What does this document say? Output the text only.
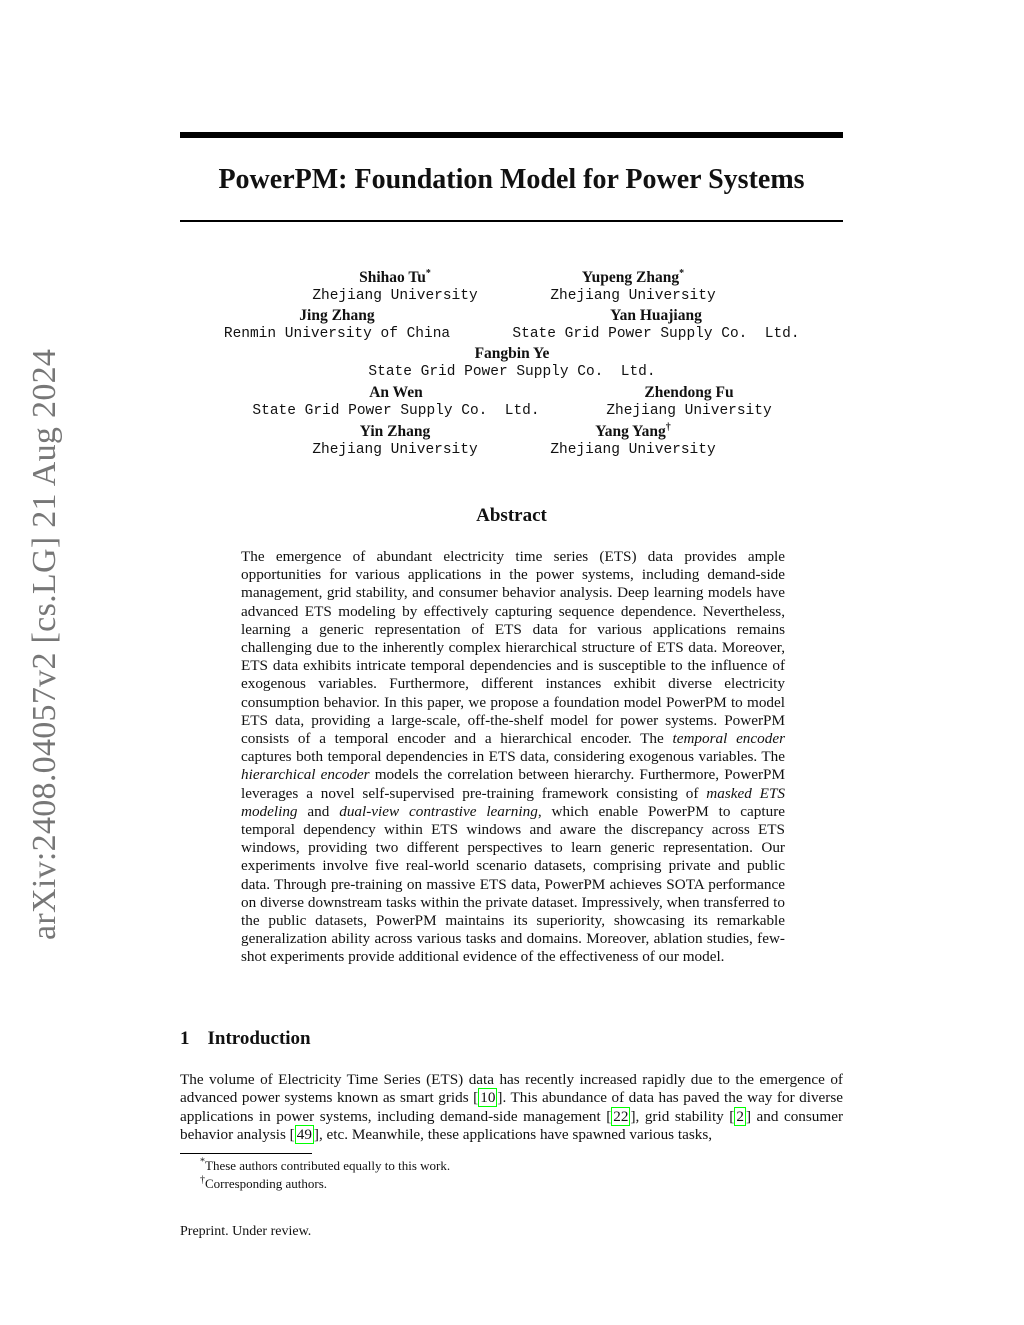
arXiv:2408.04057v2 [cs.LG] 21 Aug 2024
PowerPM: Foundation Model for Power Systems
Shihao Tu*
Zhejiang University
Yupeng Zhang*
Zhejiang University
Jing Zhang
Renmin University of China
Yan Huajiang
State Grid Power Supply Co.  Ltd.
Fangbin Ye
State Grid Power Supply Co.  Ltd.
An Wen
State Grid Power Supply Co.  Ltd.
Zhendong Fu
Zhejiang University
Yin Zhang
Zhejiang University
Yang Yang†
Zhejiang University
Abstract

The emergence of abundant electricity time series (ETS) data provides ample opportunities for various applications in the power systems, including demand-side management, grid stability, and consumer behavior analysis. Deep learning models have advanced ETS modeling by effectively capturing sequence dependence. Nevertheless, learning a generic representation of ETS data for various applications remains challenging due to the inherently complex hierarchical structure of ETS data. Moreover, ETS data exhibits intricate temporal dependencies and is susceptible to the influence of exogenous variables. Furthermore, different instances exhibit diverse electricity consumption behavior. In this paper, we propose a foundation model PowerPM to model ETS data, providing a large-scale, off-the-shelf model for power systems. PowerPM consists of a temporal encoder and a hierarchical encoder. The temporal encoder captures both temporal dependencies in ETS data, considering exogenous variables. The hierarchical encoder models the correlation between hierarchy. Furthermore, PowerPM leverages a novel self-supervised pre-training framework consisting of masked ETS modeling and dual-view contrastive learning, which enable PowerPM to capture temporal dependency within ETS windows and aware the discrepancy across ETS windows, providing two different perspectives to learn generic representation. Our experiments involve five real-world scenario datasets, comprising private and public data. Through pre-training on massive ETS data, PowerPM achieves SOTA performance on diverse downstream tasks within the private dataset. Impressively, when transferred to the public datasets, PowerPM maintains its superiority, showcasing its remarkable generalization ability across various tasks and domains. Moreover, ablation studies, few-shot experiments provide additional evidence of the effectiveness of our model.

1 Introduction

The volume of Electricity Time Series (ETS) data has recently increased rapidly due to the emergence of advanced power systems known as smart grids [ 10 ]. This abundance of data has paved the way for diverse applications in power systems, including demand-side management [ 22 ], grid stability [ 2 ] and consumer behavior analysis [ 49 ], etc. Meanwhile, these applications have spawned various tasks,

*These authors contributed equally to this work.
†Corresponding authors.
Preprint. Under review.
